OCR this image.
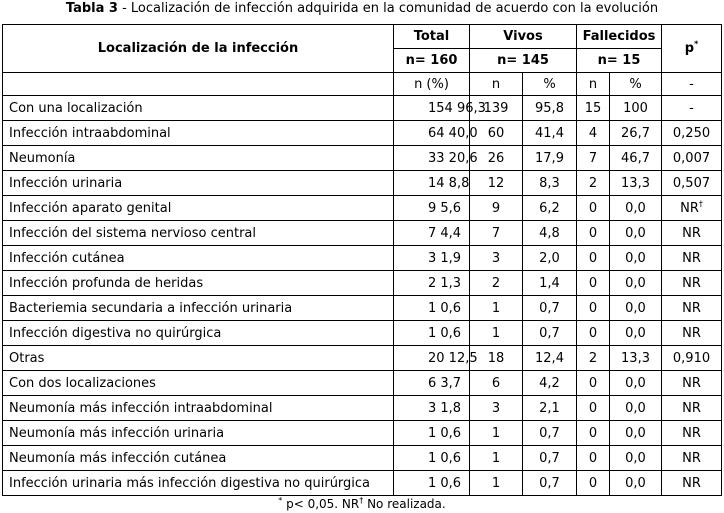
Tabla 3 - Localización de infección adquirida en la comunidad de acuerdo con la evolución
Localización de la infección	Total	Vivos		Fallecidos		p*
	n= 160	n= 145		n= 15		
	n (%)	n	%	n	%	-
Con una localización	154 96,3	139	95,8	15	100	-
Infección intraabdominal	64 40,0	60	41,4	4	26,7	0,250
Neumonía	33 20,6	26	17,9	7	46,7	0,007
Infección urinaria	14 8,8	12	8,3	2	13,3	0,507
Infección aparato genital	9 5,6	9	6,2	0	0,0	NR†
Infección del sistema nervioso central	7 4,4	7	4,8	0	0,0	NR
Infección cutánea	3 1,9	3	2,0	0	0,0	NR
Infección profunda de heridas	2 1,3	2	1,4	0	0,0	NR
Bacteriemia secundaria a infección urinaria	1 0,6	1	0,7	0	0,0	NR
Infección digestiva no quirúrgica	1 0,6	1	0,7	0	0,0	NR
Otras	20 12,5	18	12,4	2	13,3	0,910
Con dos localizaciones	6 3,7	6	4,2	0	0,0	NR
Neumonía más infección intraabdominal	3 1,8	3	2,1	0	0,0	NR
Neumonía más infección urinaria	1 0,6	1	0,7	0	0,0	NR
Neumonía más infección cutánea	1 0,6	1	0,7	0	0,0	NR
Infección urinaria más infección digestiva no quirúrgica	1 0,6	1	0,7	0	0,0	NR
* p< 0,05. NR† No realizada.
